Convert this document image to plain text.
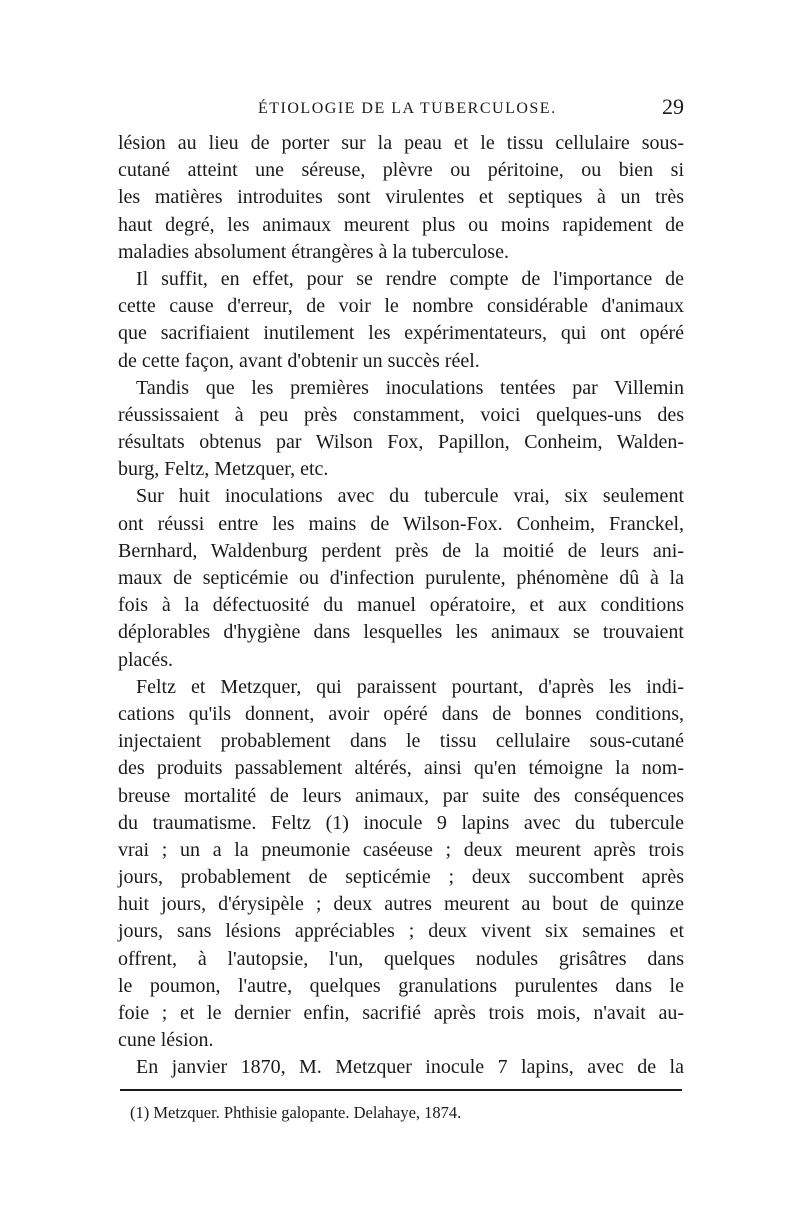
ÉTIOLOGIE DE LA TUBERCULOSE.	29
lésion au lieu de porter sur la peau et le tissu cellulaire sous-
cutané atteint une séreuse, plèvre ou péritoine, ou bien si
les matières introduites sont virulentes et septiques à un très
haut degré, les animaux meurent plus ou moins rapidement de
maladies absolument étrangères à la tuberculose.
Il suffit, en effet, pour se rendre compte de l'importance de
cette cause d'erreur, de voir le nombre considérable d'animaux
que sacrifiaient inutilement les expérimentateurs, qui ont opéré
de cette façon, avant d'obtenir un succès réel.
Tandis que les premières inoculations tentées par Villemin
réussissaient à peu près constamment, voici quelques-uns des
résultats obtenus par Wilson Fox, Papillon, Conheim, Walden-
burg, Feltz, Metzquer, etc.
Sur huit inoculations avec du tubercule vrai, six seulement
ont réussi entre les mains de Wilson-Fox. Conheim, Franckel,
Bernhard, Waldenburg perdent près de la moitié de leurs ani-
maux de septicémie ou d'infection purulente, phénomène dû à la
fois à la défectuosité du manuel opératoire, et aux conditions
déplorables d'hygiène dans lesquelles les animaux se trouvaient
placés.
Feltz et Metzquer, qui paraissent pourtant, d'après les indi-
cations qu'ils donnent, avoir opéré dans de bonnes conditions,
injectaient probablement dans le tissu cellulaire sous-cutané
des produits passablement altérés, ainsi qu'en témoigne la nom-
breuse mortalité de leurs animaux, par suite des conséquences
du traumatisme. Feltz (1) inocule 9 lapins avec du tubercule
vrai ; un a la pneumonie caséeuse ; deux meurent après trois
jours, probablement de septicémie ; deux succombent après
huit jours, d'érysipèle ; deux autres meurent au bout de quinze
jours, sans lésions appréciables ; deux vivent six semaines et
offrent, à l'autopsie, l'un, quelques nodules grisâtres dans
le poumon, l'autre, quelques granulations purulentes dans le
foie ; et le dernier enfin, sacrifié après trois mois, n'avait au-
cune lésion.
En janvier 1870, M. Metzquer inocule 7 lapins, avec de la
(1) Metzquer. Phthisie galopante. Delahaye, 1874.
